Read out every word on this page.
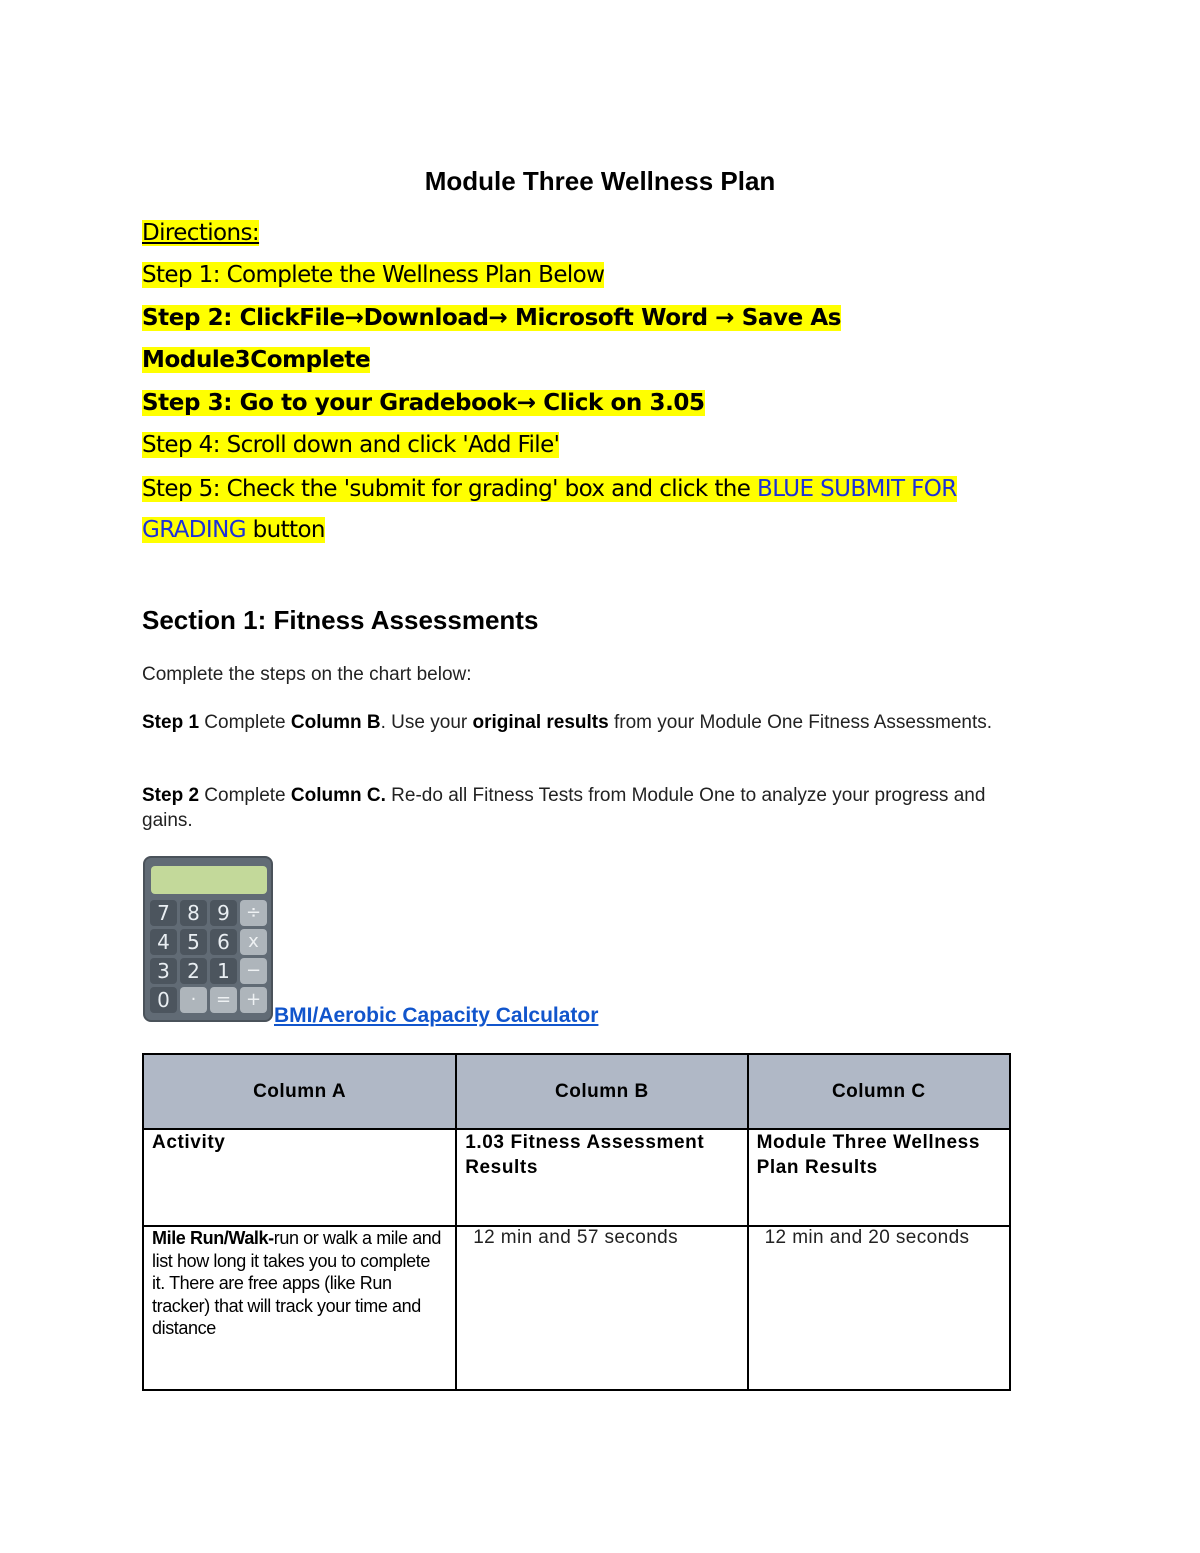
Module Three Wellness Plan
Directions:
Step 1: Complete the Wellness Plan Below
Step 2: ClickFile→Download→ Microsoft Word → Save As
Module3Complete
Step 3: Go to your Gradebook→ Click on 3.05
Step 4: Scroll down and click 'Add File'
Step 5: Check the 'submit for grading' box and click the BLUE SUBMIT FOR
GRADING button
Section 1: Fitness Assessments
Complete the steps on the chart below:
Step 1 Complete Column B. Use your original results from your Module One Fitness Assessments.
Step 2 Complete Column C. Re-do all Fitness Tests from Module One to analyze your progress and gains.
7 8 9 ÷
4 5 6	x
3 2 1 −
0	·	= +
BMI/Aerobic Capacity Calculator
Column A	Column B	Column C
Activity	1.03 Fitness Assessment Results	Module Three Wellness Plan Results

Mile Run/Walk-run or walk a mile and list how long it takes you to complete it. There are free apps (like Run tracker) that will track your time and distance	12 min and 57 seconds	12 min and 20 seconds
